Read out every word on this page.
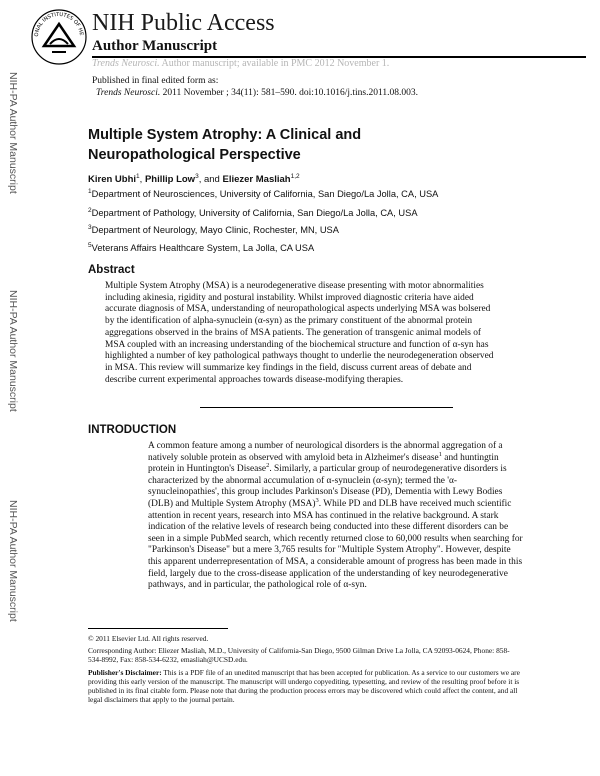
ONAL INSTITUTES OF HE NIH Public Access
Author Manuscript
Trends Neurosci. Author manuscript; available in PMC 2012 November 1.
Published in final edited form as:
Trends Neurosci. 2011 November ; 34(11): 581–590. doi:10.1016/j.tins.2011.08.003.
NIH-PA Author Manuscript
NIH-PA Author Manuscript
NIH-PA Author Manuscript
Multiple System Atrophy: A Clinical and Neuropathological Perspective
Kiren Ubhi$^1$, Phillip Low$^3$, and Eliezer Masliah$^{1,2}$
$^1$Department of Neurosciences, University of California, San Diego/La Jolla, CA, USA
$^2$Department of Pathology, University of California, San Diego/La Jolla, CA, USA
$^3$Department of Neurology, Mayo Clinic, Rochester, MN, USA
$^5$Veterans Affairs Healthcare System, La Jolla, CA USA
Abstract

Multiple System Atrophy (MSA) is a neurodegenerative disease presenting with motor abnormalities including akinesia, rigidity and postural instability. Whilst improved diagnostic criteria have aided accurate diagnosis of MSA, understanding of neuropathological aspects underlying MSA was bolsered by the identification of alpha-synuclein (α-syn) as the primary constituent of the abnormal protein aggregations observed in the brains of MSA patients. The generation of transgenic animal models of MSA coupled with an increasing understanding of the biochemical structure and function of α-syn has highlighted a number of key pathological pathways thought to underlie the neurodegeneration observed in MSA. This review will summarize key findings in the field, discuss current areas of debate and describe current experimental approaches towards disease-modifying therapies.

INTRODUCTION

A common feature among a number of neurological disorders is the abnormal aggregation of a natively soluble protein as observed with amyloid beta in Alzheimer's disease$^1$ and huntingtin protein in Huntington's Disease$^2$. Similarly, a particular group of neurodegenerative disorders is characterized by the abnormal accumulation of α-synuclein (α-syn); termed the 'α-synucleinopathies', this group includes Parkinson's Disease (PD), Dementia with Lewy Bodies (DLB) and Multiple System Atrophy (MSA)$^3$. While PD and DLB have received much scientific attention in recent years, research into MSA has continued in the relative background. A stark indication of the relative levels of research being conducted into these different disorders can be seen in a simple PubMed search, which recently returned close to 60,000 results when searching for "Parkinson's Disease" but a mere 3,765 results for "Multiple System Atrophy". However, despite this apparent underrepresentation of MSA, a considerable amount of progress has been made in this field, largely due to the cross-disease application of the understanding of key neurodegenerative pathways, and in particular, the pathological role of α-syn.

© 2011 Elsevier Ltd. All rights reserved.

Corresponding Author: Eliezer Masliah, M.D., University of California-San Diego, 9500 Gilman Drive La Jolla, CA 92093-0624, Phone: 858-534-8992, Fax: 858-534-6232, emasliah@UCSD.edu.

Publisher's Disclaimer: This is a PDF file of an unedited manuscript that has been accepted for publication. As a service to our customers we are providing this early version of the manuscript. The manuscript will undergo copyediting, typesetting, and review of the resulting proof before it is published in its final citable form. Please note that during the production process errors may be discovered which could affect the content, and all legal disclaimers that apply to the journal pertain.
